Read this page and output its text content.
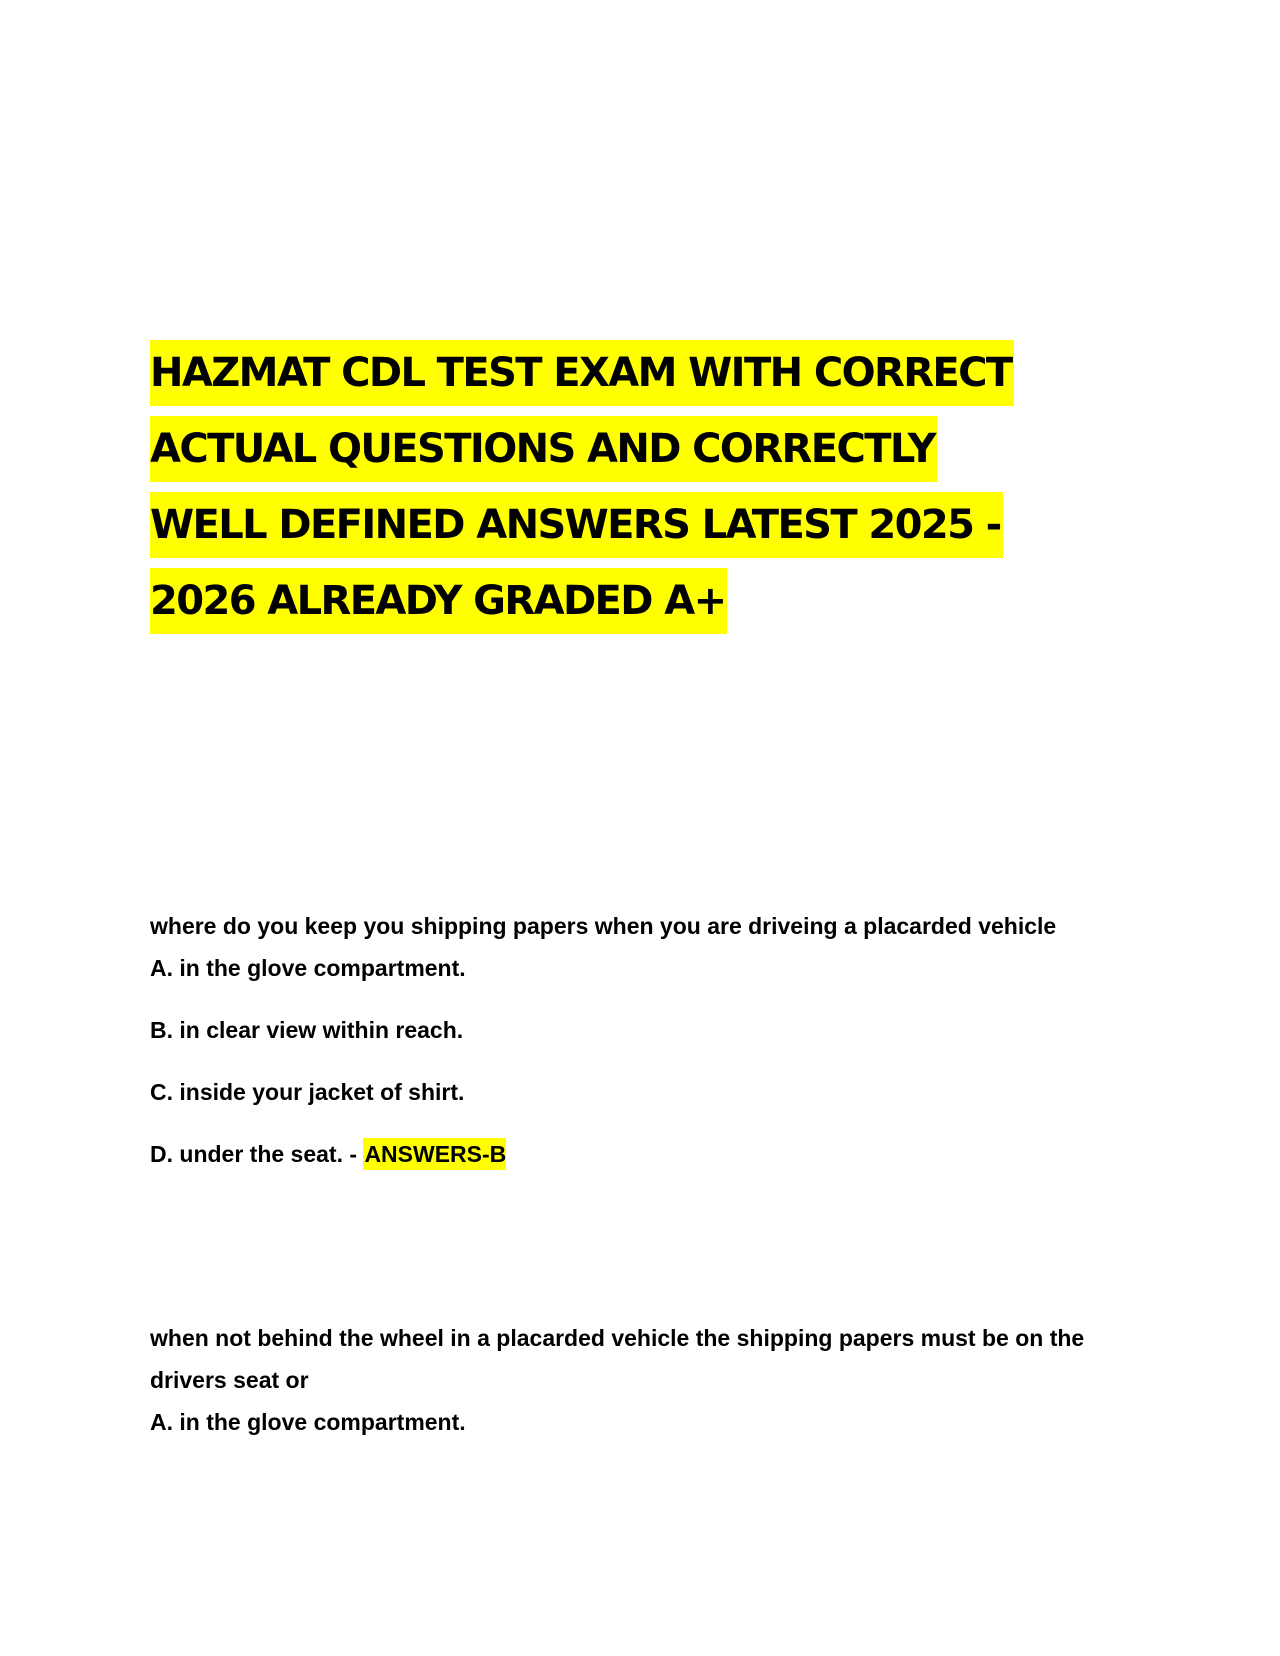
HAZMAT CDL TEST EXAM WITH CORRECT
ACTUAL QUESTIONS AND CORRECTLY
WELL DEFINED ANSWERS LATEST 2025 -
2026 ALREADY GRADED A+

where do you keep you shipping papers when you are driveing a placarded vehicle

A. in the glove compartment.

B. in clear view within reach.

C. inside your jacket of shirt.

D. under the seat. - ANSWERS-B

when not behind the wheel in a placarded vehicle the shipping papers must be on the drivers seat or

A. in the glove compartment.
